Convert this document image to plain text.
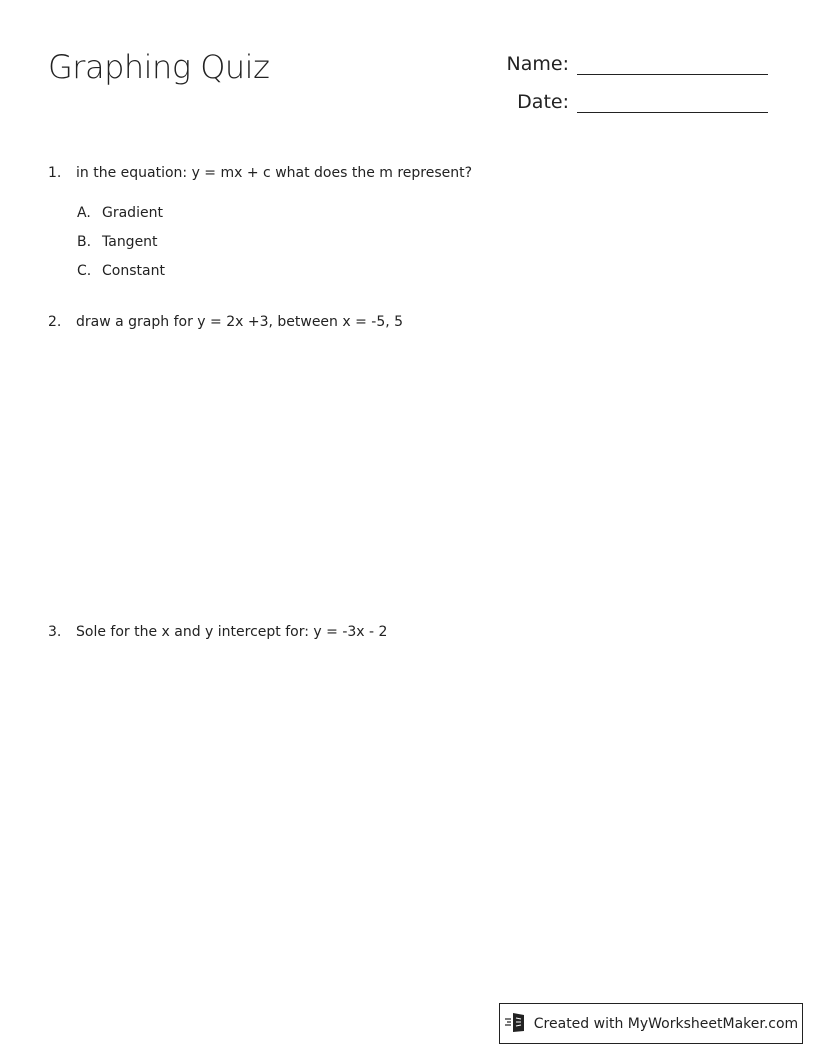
Graphing Quiz	Name:
Date:
1.	in the equation: y = mx + c what does the m represent?
A. Gradient
B. Tangent
C. Constant
2.	draw a graph for y = 2x +3, between x = -5, 5
3.	Sole for the x and y intercept for: y = -3x - 2
Created with MyWorksheetMaker.com
